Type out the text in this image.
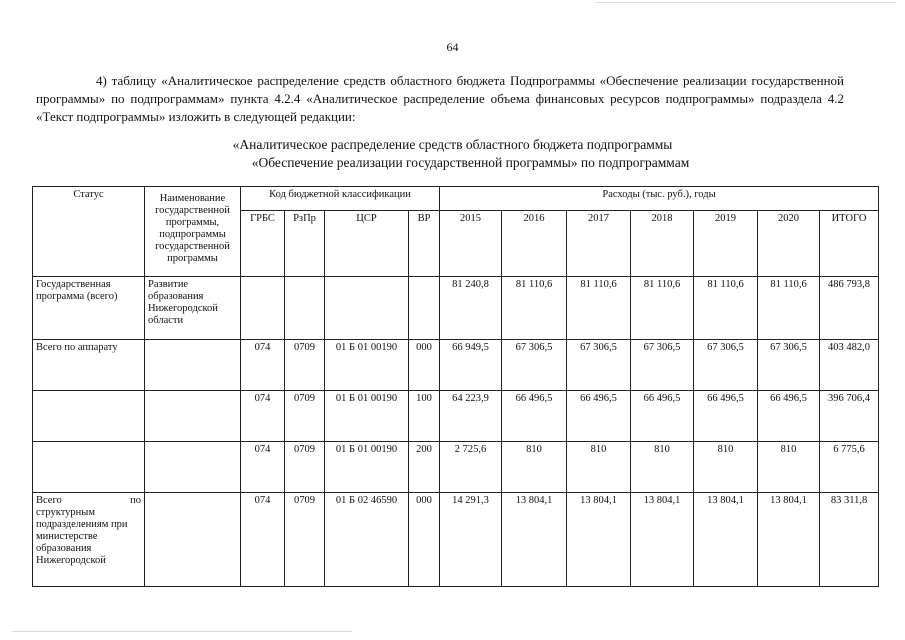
64

4) таблицу «Аналитическое распределение средств областного бюджета Подпрограммы «Обеспечение реализации государственной программы» по подпрограммам» пункта 4.2.4 «Аналитическое распределение объема финансовых ресурсов подпрограммы» подраздела 4.2 «Текст подпрограммы» изложить в следующей редакции:

«Аналитическое распределение средств областного бюджета подпрограммы
«Обеспечение реализации государственной программы» по подпрограммам
Статус	Наименование государственной программы, подпрограммы государственной программы	Код бюджетной классификации				Расходы (тыс. руб.), годы						
		ГРБС	РзПр	ЦСР	ВР	2015	2016	2017	2018	2019	2020	ИТОГО
Государственная программа (всего)	Развитие образования Нижегородской области					81 240,8	81 110,6	81 110,6	81 110,6	81 110,6	81 110,6	486 793,8
Всего по аппарату		074	0709	01 Б 01 00190	000	66 949,5	67 306,5	67 306,5	67 306,5	67 306,5	67 306,5	403 482,0
		074	0709	01 Б 01 00190	100	64 223,9	66 496,5	66 496,5	66 496,5	66 496,5	66 496,5	396 706,4
		074	0709	01 Б 01 00190	200	2 725,6	810	810	810	810	810	6 775,6

Всего по
структурным подразделениям при министерстве образования Нижегородской		074	0709	01 Б 02 46590	000	14 291,3	13 804,1	13 804,1	13 804,1	13 804,1	13 804,1	83 311,8
